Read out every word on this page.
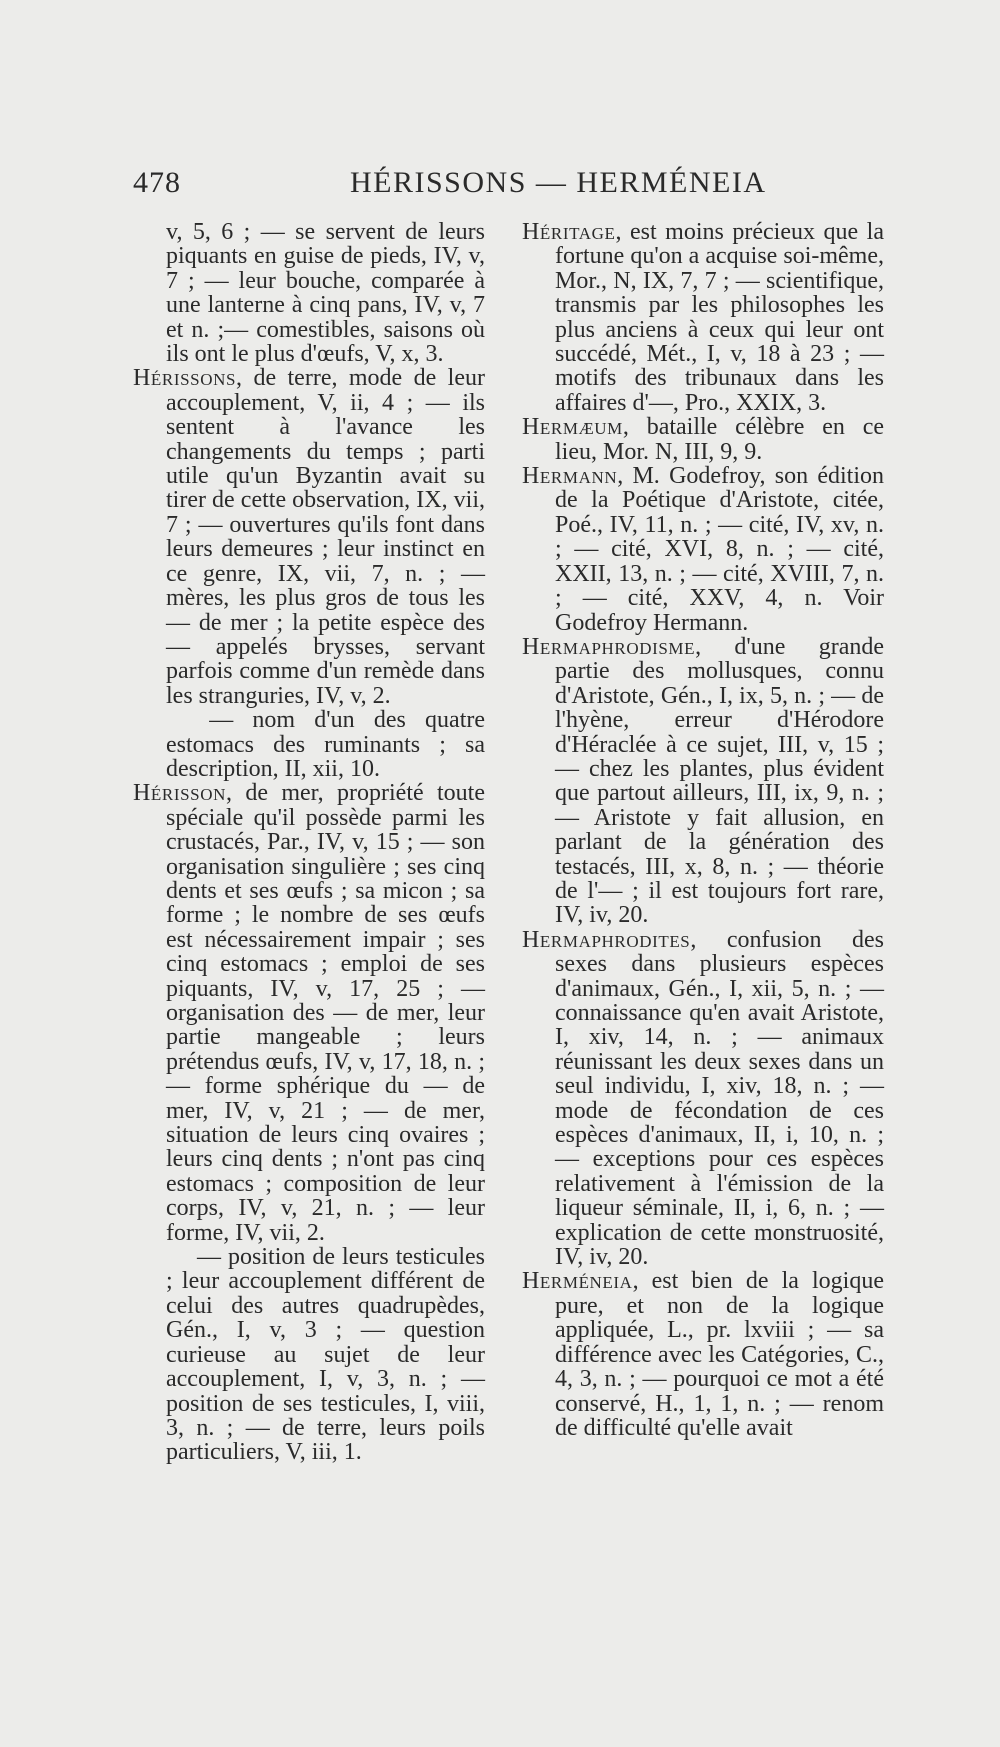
478	HÉRISSONS — HERMÉNEIA

v, 5, 6 ; — se servent de leurs piquants en guise de pieds, IV, v, 7 ; — leur bouche, comparée à une lanterne à cinq pans, IV, v, 7 et n. ;— comestibles, saisons où ils ont le plus d'œufs, V, x, 3.

Hérissons, de terre, mode de leur accouplement, V, ii, 4 ; — ils sentent à l'avance les changements du temps ; parti utile qu'un Byzantin avait su tirer de cette observation, IX, vii, 7 ; — ouvertures qu'ils font dans leurs demeures ; leur instinct en ce genre, IX, vii, 7, n. ; — mères, les plus gros de tous les — de mer ; la petite espèce des — appelés brysses, servant parfois comme d'un remède dans les stranguries, IV, v, 2.

  — nom d'un des quatre estomacs des ruminants ; sa description, II, xii, 10.

Hérisson, de mer, propriété toute spéciale qu'il possède parmi les crustacés, Par., IV, v, 15 ; — son organisation singulière ; ses cinq dents et ses œufs ; sa micon ; sa forme ; le nombre de ses œufs est nécessairement impair ; ses cinq estomacs ; emploi de ses piquants, IV, v, 17, 25 ; — organisation des — de mer, leur partie mangeable ; leurs prétendus œufs, IV, v, 17, 18, n. ; — forme sphérique du — de mer, IV, v, 21 ; — de mer, situation de leurs cinq ovaires ; leurs cinq dents ; n'ont pas cinq estomacs ; composition de leur corps, IV, v, 21, n. ; — leur forme, IV, vii, 2.

  — position de leurs testicules ; leur accouplement différent de celui des autres quadrupèdes, Gén., I, v, 3 ; — question curieuse au sujet de leur accouplement, I, v, 3, n. ; — position de ses testicules, I, viii, 3, n. ; — de terre, leurs poils particuliers, V, iii, 1.

Héritage, est moins précieux que la fortune qu'on a acquise soi-même, Mor., N, IX, 7, 7 ; — scientifique, transmis par les philosophes les plus anciens à ceux qui leur ont succédé, Mét., I, v, 18 à 23 ; — motifs des tribunaux dans les affaires d'—, Pro., XXIX, 3.

Hermæum, bataille célèbre en ce lieu, Mor. N, III, 9, 9.

Hermann, M. Godefroy, son édition de la Poétique d'Aristote, citée, Poé., IV, 11, n. ; — cité, IV, xv, n. ; — cité, XVI, 8, n. ; — cité, XXII, 13, n. ; — cité, XVIII, 7, n. ; — cité, XXV, 4, n. Voir Godefroy Hermann.

Hermaphrodisme, d'une grande partie des mollusques, connu d'Aristote, Gén., I, ix, 5, n. ; — de l'hyène, erreur d'Hérodore d'Héraclée à ce sujet, III, v, 15 ; — chez les plantes, plus évident que partout ailleurs, III, ix, 9, n. ; — Aristote y fait allusion, en parlant de la génération des testacés, III, x, 8, n. ; — théorie de l'— ; il est toujours fort rare, IV, iv, 20.

Hermaphrodites, confusion des sexes dans plusieurs espèces d'animaux, Gén., I, xii, 5, n. ; — connaissance qu'en avait Aristote, I, xiv, 14, n. ; — animaux réunissant les deux sexes dans un seul individu, I, xiv, 18, n. ; — mode de fécondation de ces espèces d'animaux, II, i, 10, n. ; — exceptions pour ces espèces relativement à l'émission de la liqueur séminale, II, i, 6, n. ; — explication de cette monstruosité, IV, iv, 20.

Herméneia, est bien de la logique pure, et non de la logique appliquée, L., pr. lxviii ; — sa différence avec les Catégories, C., 4, 3, n. ; — pourquoi ce mot a été conservé, H., 1, 1, n. ; — renom de difficulté qu'elle avait
